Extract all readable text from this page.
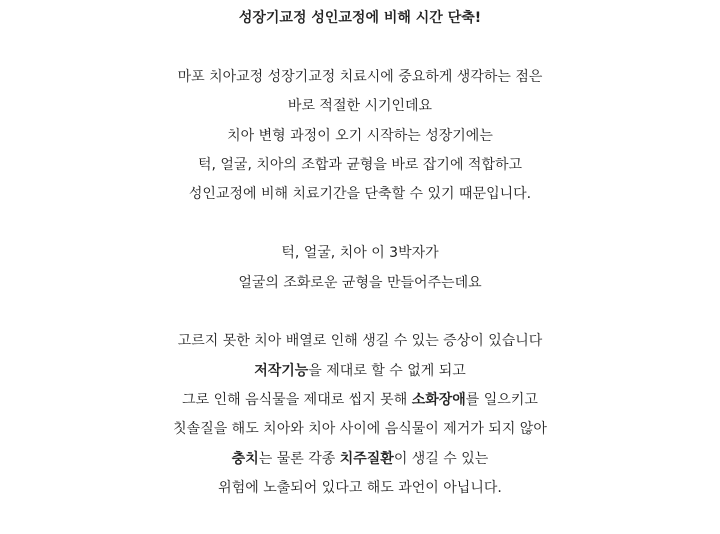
성장기교정 성인교정에 비해 시간 단축!
마포 치아교정 성장기교정 치료시에 중요하게 생각하는 점은
바로 적절한 시기인데요
치아 변형 과정이 오기 시작하는 성장기에는
턱, 얼굴, 치아의 조합과 균형을 바로 잡기에 적합하고
성인교정에 비해 치료기간을 단축할 수 있기 때문입니다.
턱, 얼굴, 치아 이 3박자가
얼굴의 조화로운 균형을 만들어주는데요
고르지 못한 치아 배열로 인해 생길 수 있는 증상이 있습니다
저작기능을 제대로 할 수 없게 되고
그로 인해 음식물을 제대로 씹지 못해 소화장애를 일으키고
칫솔질을 해도 치아와 치아 사이에 음식물이 제거가 되지 않아
충치는 물론 각종 치주질환이 생길 수 있는
위험에 노출되어 있다고 해도 과언이 아닙니다.
